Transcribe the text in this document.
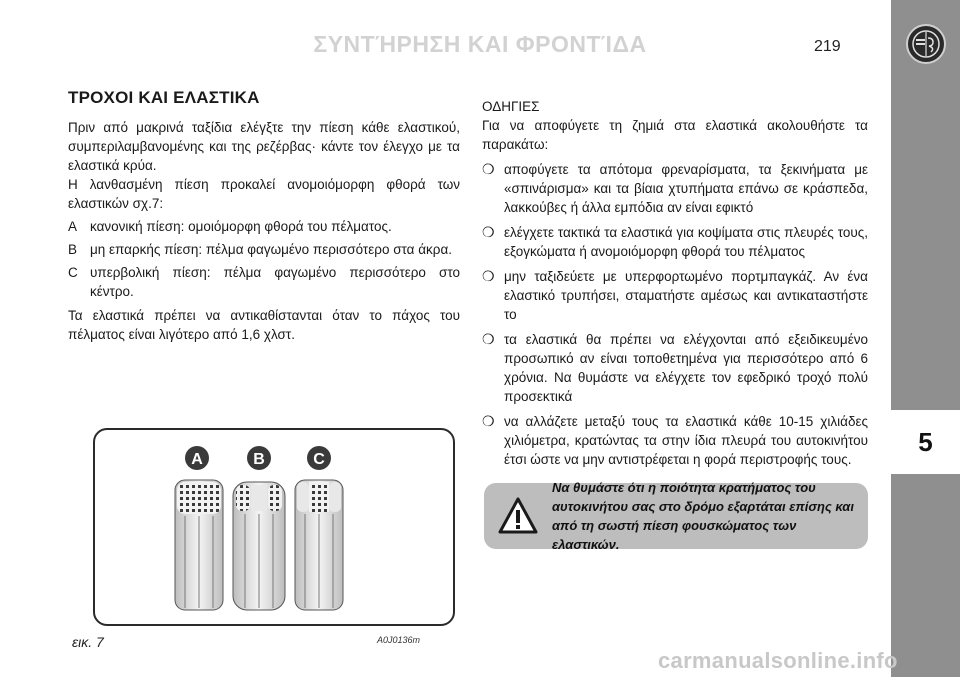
5
ΣΥΝΤΉΡΗΣΗ ΚΑΙ ΦΡΟΝΤΊΔΑ	219
ΤΡΟΧΟΙ ΚΑΙ ΕΛΑΣΤΙΚΑ

Πριν από μακρινά ταξίδια ελέγξτε την πίεση κάθε ελαστικού, συμπεριλαμβανομένης και της ρεζέρβας· κάντε τον έλεγχο με τα ελαστικά κρύα.

Η λανθασμένη πίεση προκαλεί ανομοιόμορφη φθορά των ελαστικών σχ.7:

A κανονική πίεση: ομοιόμορφη φθορά του πέλματος.
B μη επαρκής πίεση: πέλμα φαγωμένο περισσότερο στα άκρα.
C υπερβολική πίεση: πέλμα φαγωμένο περισσότερο στο κέντρο.

Τα ελαστικά πρέπει να αντικαθίστανται όταν το πάχος του πέλματος είναι λιγότερο από 1,6 χλστ.

A	B	C
εικ. 7	A0J0136m
ΟΔΗΓΙΕΣ

Για να αποφύγετε τη ζημιά στα ελαστικά ακολουθήστε τα παρακάτω:

❍ αποφύγετε τα απότομα φρεναρίσματα, τα ξεκινήματα με «σπινάρισμα» και τα βίαια χτυπήματα επάνω σε κράσπεδα, λακκούβες ή άλλα εμπόδια αν είναι εφικτό
❍ ελέγχετε τακτικά τα ελαστικά για κοψίματα στις πλευρές τους, εξογκώματα ή ανομοιόμορφη φθορά του πέλματος
❍ μην ταξιδεύετε με υπερφορτωμένο πορτμπαγκάζ. Αν ένα ελαστικό τρυπήσει, σταματήστε αμέσως και αντικαταστήστε το
❍ τα ελαστικά θα πρέπει να ελέγχονται από εξειδικευμένο προσωπικό αν είναι τοποθετημένα για περισσότερο από 6 χρόνια. Να θυμάστε να ελέγχετε τον εφεδρικό τροχό πολύ προσεκτικά
❍ να αλλάζετε μεταξύ τους τα ελαστικά κάθε 10-15 χιλιάδες χιλιόμετρα, κρατώντας τα στην ίδια πλευρά του αυτοκινήτου έτσι ώστε να μην αντιστρέφεται η φορά περιστροφής τους.
Να θυμάστε ότι η ποιότητα κρατήματος του αυτοκινήτου σας στο δρόμο εξαρτάται επίσης και από τη σωστή πίεση φουσκώματος των ελαστικών.
carmanualsonline.info
